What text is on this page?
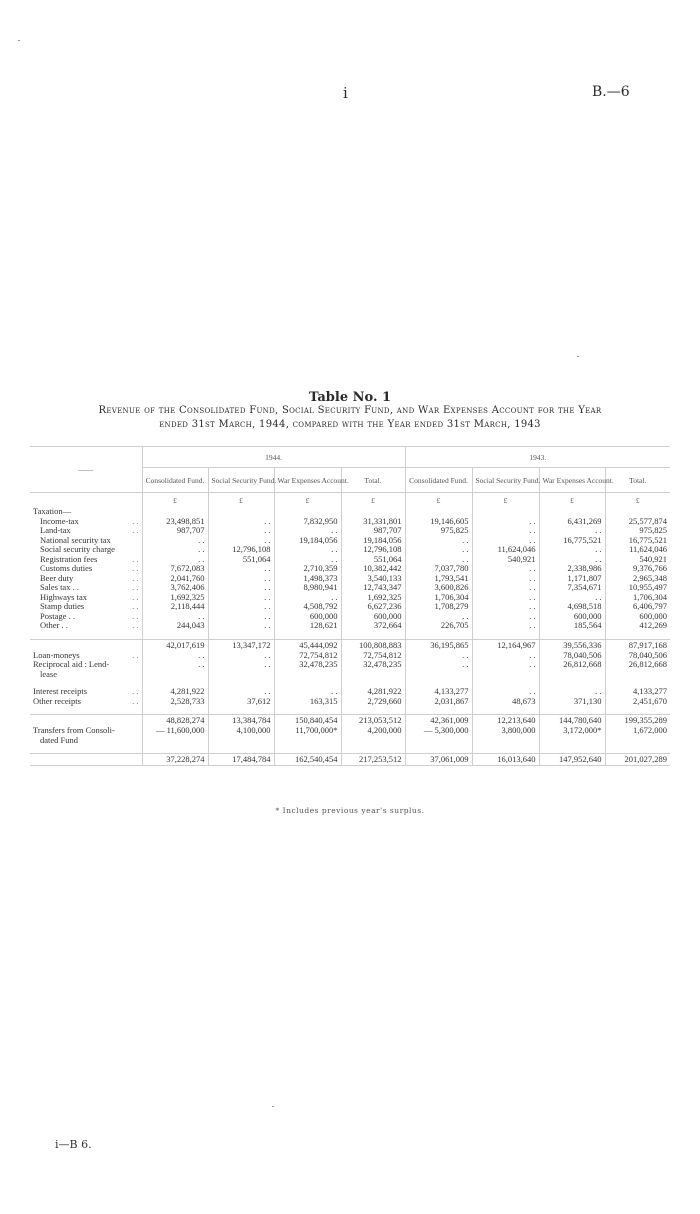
i	B.—6
Table No. 1
Revenue of the Consolidated Fund, Social Security Fund, and War Expenses Account for the Year
ended 31st March, 1944, compared with the Year ended 31st March, 1943
——	1944.				1943.			
	Consolidated Fund.	Social Security Fund.	War Expenses Account.	Total.	Consolidated Fund.	Social Security Fund.	War Expenses Account.	Total.
	£	£	£	£	£	£	£	£
Taxation—								
Income-tax . .	23,498,851	. .	7,832,950	31,331,801	19,146,605	. .	6,431,269	25,577,874
Land-tax . .	987,707	. .	. .	987,707	975,825	. .	. .	975,825
National security tax	. .	. .	19,184,056	19,184,056	. .	. .	16,775,521	16,775,521
Social security charge	. .	12,796,108	. .	12,796,108	. .	11,624,046	. .	11,624,046
Registration fees . .	. .	551,064	. .	551,064	. .	540,921	. .	540,921
Customs duties . .	7,672,083	. .	2,710,359	10,382,442	7,037,780	. .	2,338,986	9,376,766
Beer duty . .	2,041,760	. .	1,498,373	3,540,133	1,793,541	. .	1,171,807	2,965,348
Sales tax . . . .	3,762,406	. .	8,980,941	12,743,347	3,600,826	. .	7,354,671	10,955,497
Highways tax . .	1,692,325	. .	. .	1,692,325	1,706,304	. .	. .	1,706,304
Stamp duties . .	2,118,444	. .	4,508,792	6,627,236	1,708,279	. .	4,698,518	6,406,797
Postage . . . .	. .	. .	600,000	600,000	. .	. .	600,000	600,000
Other . . . .	244,043	. .	128,621	372,664	226,705	. .	185,564	412,269

	42,017,619	13,347,172	45,444,092	100,808,883	36,195,865	12,164,967	39,556,336	87,917,168
Loan-moneys . .	. .	. .	72,754,812	72,754,812	. .	. .	78,040,506	78,040,506
Reciprocal aid : Lend-	. .	. .	32,478,235	32,478,235	. .	. .	26,812,668	26,812,668
lease								

Interest receipts . .	4,281,922	. .	. .	4,281,922	4,133,277	. .	. .	4,133,277
Other receipts . .	2,528,733	37,612	163,315	2,729,660	2,031,867	48,673	371,130	2,451,670

	48,828,274	13,384,784	150,840,454	213,053,512	42,361,009	12,213,640	144,780,640	199,355,289
Transfers from Consoli-	— 11,600,000	4,100,000	11,700,000*	4,200,000	— 5,300,000	3,800,000	3,172,000*	1,672,000
dated Fund								

	37,228,274	17,484,784	162,540,454	217,253,512	37,061,009	16,013,640	147,952,640	201,027,289
* Includes previous year's surplus.
i—B 6.
